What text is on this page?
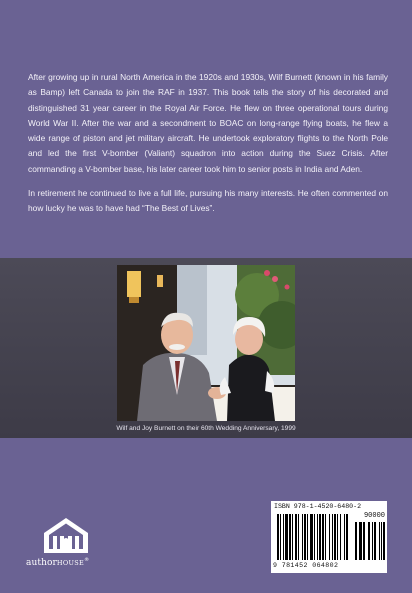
After growing up in rural North America in the 1920s and 1930s, Wilf Burnett (known in his family as Bamp) left Canada to join the RAF in 1937. This book tells the story of his decorated and distinguished 31 year career in the Royal Air Force. He flew on three operational tours during World War II. After the war and a secondment to BOAC on long-range flying boats, he flew a wide range of piston and jet military aircraft. He undertook exploratory flights to the North Pole and led the first V-bomber (Valiant) squadron into action during the Suez Crisis. After commanding a V-bomber base, his later career took him to senior posts in India and Aden.

In retirement he continued to live a full life, pursuing his many interests. He often commented on how lucky he was to have had “The Best of Lives”.

Wilf and Joy Burnett on their 60th Wedding Anniversary, 1999
authorHOUSE®
ISBN 978-1-4520-6480-2
90000
9 781452 064802
